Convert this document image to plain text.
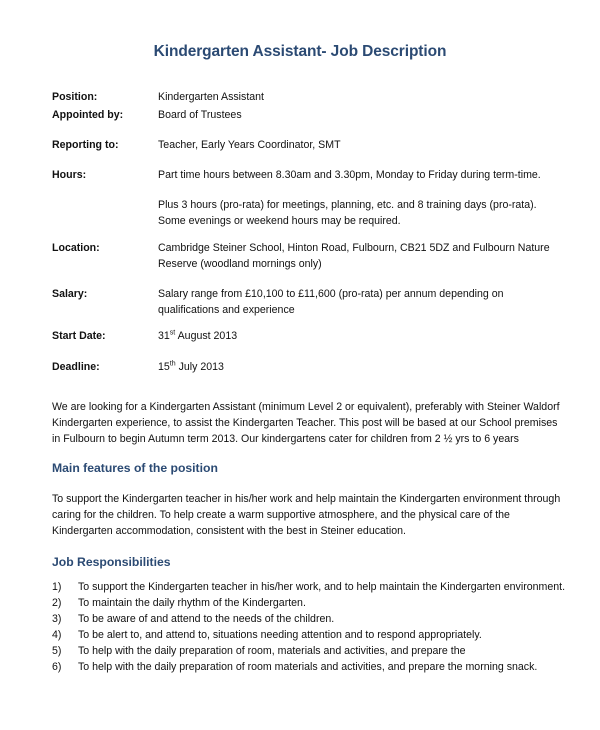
Kindergarten Assistant- Job Description
Position:	Kindergarten Assistant
Appointed by:	Board of Trustees
Reporting to:	Teacher, Early Years Coordinator, SMT
Hours:	Part time hours between 8.30am and 3.30pm, Monday to Friday during term-time.
Plus 3 hours (pro-rata) for meetings, planning, etc. and 8 training days (pro-rata). Some evenings or weekend hours may be required.
Location:	Cambridge Steiner School, Hinton Road, Fulbourn, CB21 5DZ and Fulbourn Nature Reserve (woodland mornings only)
Salary:	Salary range from £10,100 to £11,600 (pro-rata) per annum depending on qualifications and experience
Start Date:	31st August 2013
Deadline:	15th July 2013
We are looking for a Kindergarten Assistant (minimum Level 2 or equivalent), preferably with Steiner Waldorf Kindergarten experience, to assist the Kindergarten Teacher. This post will be based at our School premises in Fulbourn to begin Autumn term 2013. Our kindergartens cater for children from 2 ½ yrs to 6 years
Main features of the position
To support the Kindergarten teacher in his/her work and help maintain the Kindergarten environment through caring for the children. To help create a warm supportive atmosphere, and the physical care of the Kindergarten accommodation, consistent with the best in Steiner education.
Job Responsibilities
1) To support the Kindergarten teacher in his/her work, and to help maintain the Kindergarten environment.
2) To maintain the daily rhythm of the Kindergarten.
3) To be aware of and attend to the needs of the children.
4) To be alert to, and attend to, situations needing attention and to respond appropriately.
5) To help with the daily preparation of room, materials and activities, and prepare the
6) To help with the daily preparation of room materials and activities, and prepare the morning snack.
